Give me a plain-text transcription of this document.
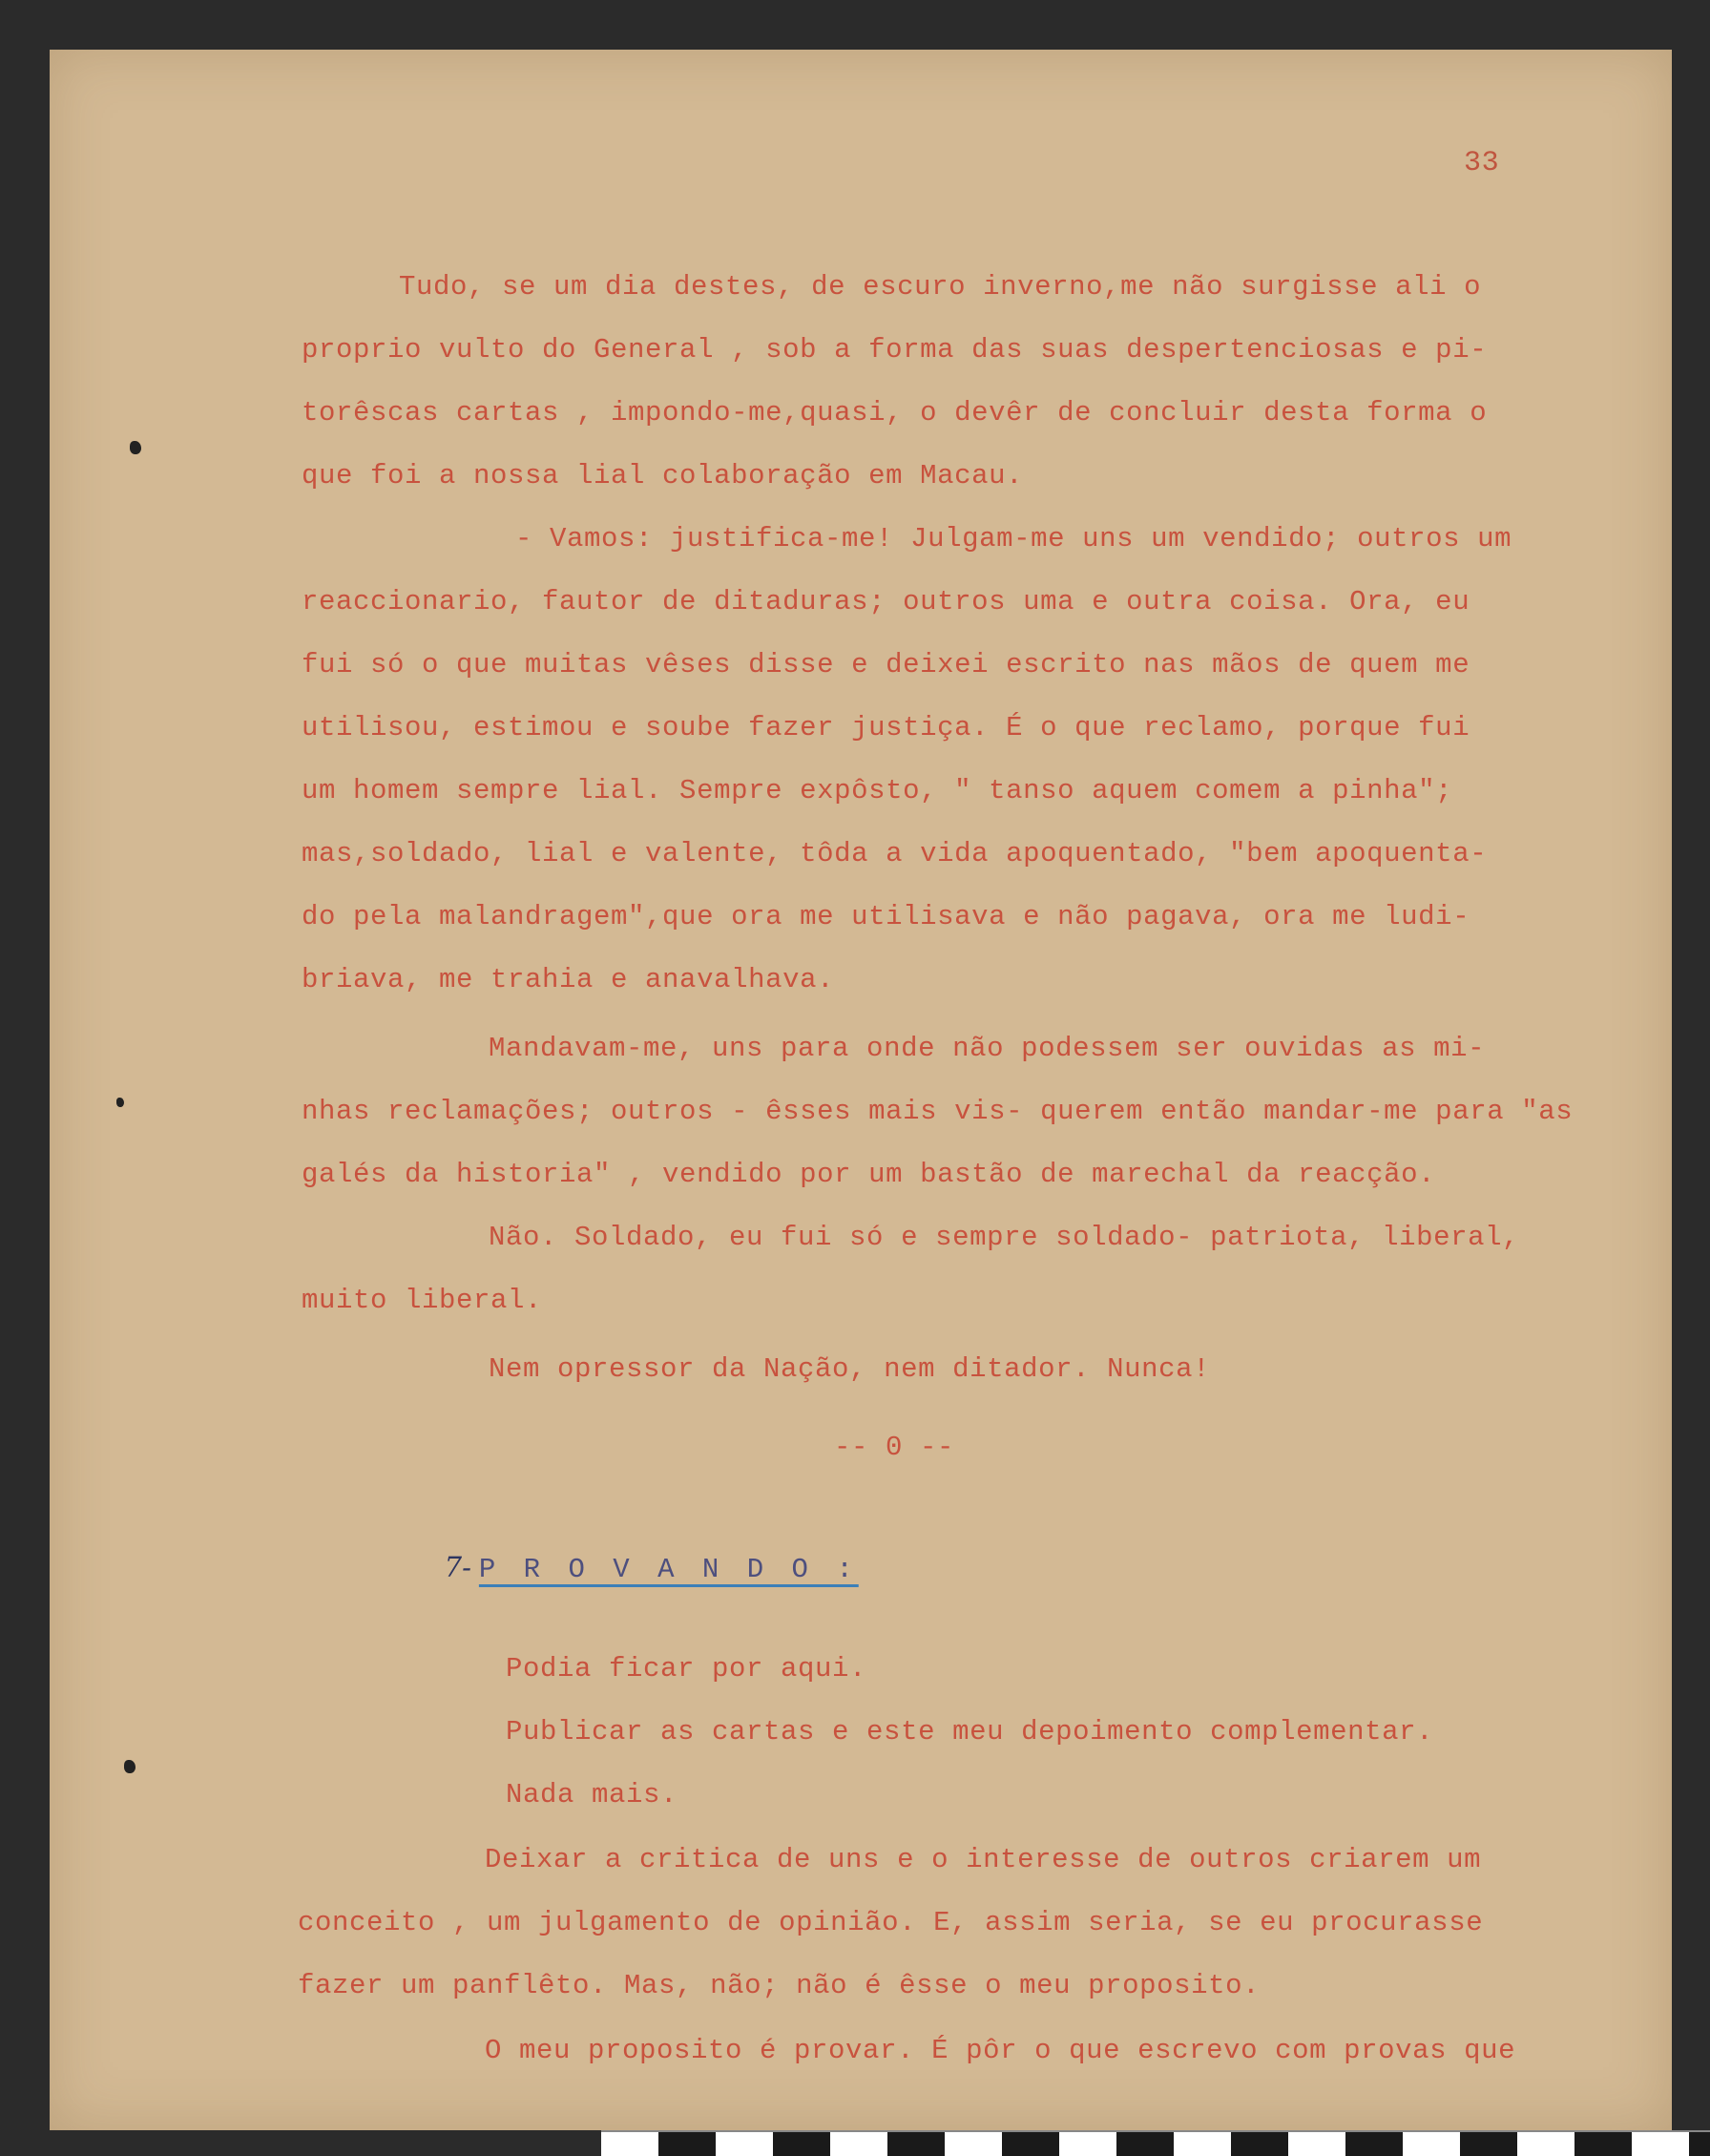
33
Tudo, se um dia destes, de escuro inverno,me não surgisse ali o
proprio vulto do General , sob a forma das suas despertenciosas e pi-
torêscas cartas , impondo-me,quasi, o devêr de concluir desta forma o
que foi a nossa lial colaboração em Macau.
- Vamos: justifica-me! Julgam-me uns um vendido; outros um
reaccionario, fautor de ditaduras; outros uma e outra coisa. Ora, eu
fui só o que muitas vêses disse e deixei escrito nas mãos de quem me
utilisou, estimou e soube fazer justiça. É o que reclamo, porque fui
um homem sempre lial. Sempre expôsto, " tanso aquem comem a pinha";
mas,soldado, lial e valente, tôda a vida apoquentado, "bem apoquenta-
do pela malandragem",que ora me utilisava e não pagava, ora me ludi-
briava, me trahia e anavalhava.
Mandavam-me, uns para onde não podessem ser ouvidas as mi-
nhas reclamações; outros - êsses mais vis- querem então mandar-me para "as
galés da historia" , vendido por um bastão de marechal da reacção.
Não. Soldado, eu fui só e sempre soldado- patriota, liberal,
muito liberal.
Nem opressor da Nação, nem ditador. Nunca!
-- 0 --

7- P R O V A N D O :

Podia ficar por aqui.
Publicar as cartas e este meu depoimento complementar.
Nada mais.
Deixar a critica de uns e o interesse de outros criarem um
conceito , um julgamento de opinião. E, assim seria, se eu procurasse
fazer um panflêto. Mas, não; não é êsse o meu proposito.
O meu proposito é provar. É pôr o que escrevo com provas que
